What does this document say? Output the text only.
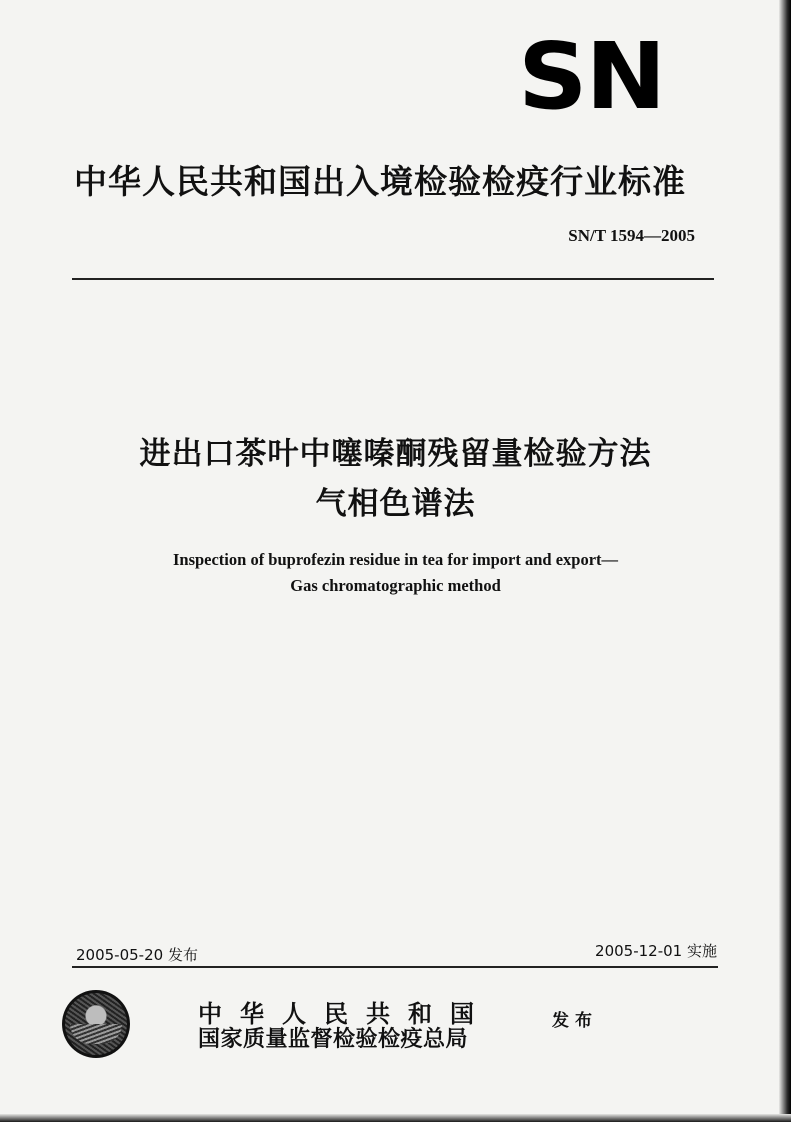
SN
中华人民共和国出入境检验检疫行业标准
SN/T 1594—2005
进出口茶叶中噻嗪酮残留量检验方法
气相色谱法
Inspection of buprofezin residue in tea for import and export—
Gas chromatographic method
2005-05-20 发布	2005-12-01 实施
中华人民共和国
国家质量监督检验检疫总局
发布
